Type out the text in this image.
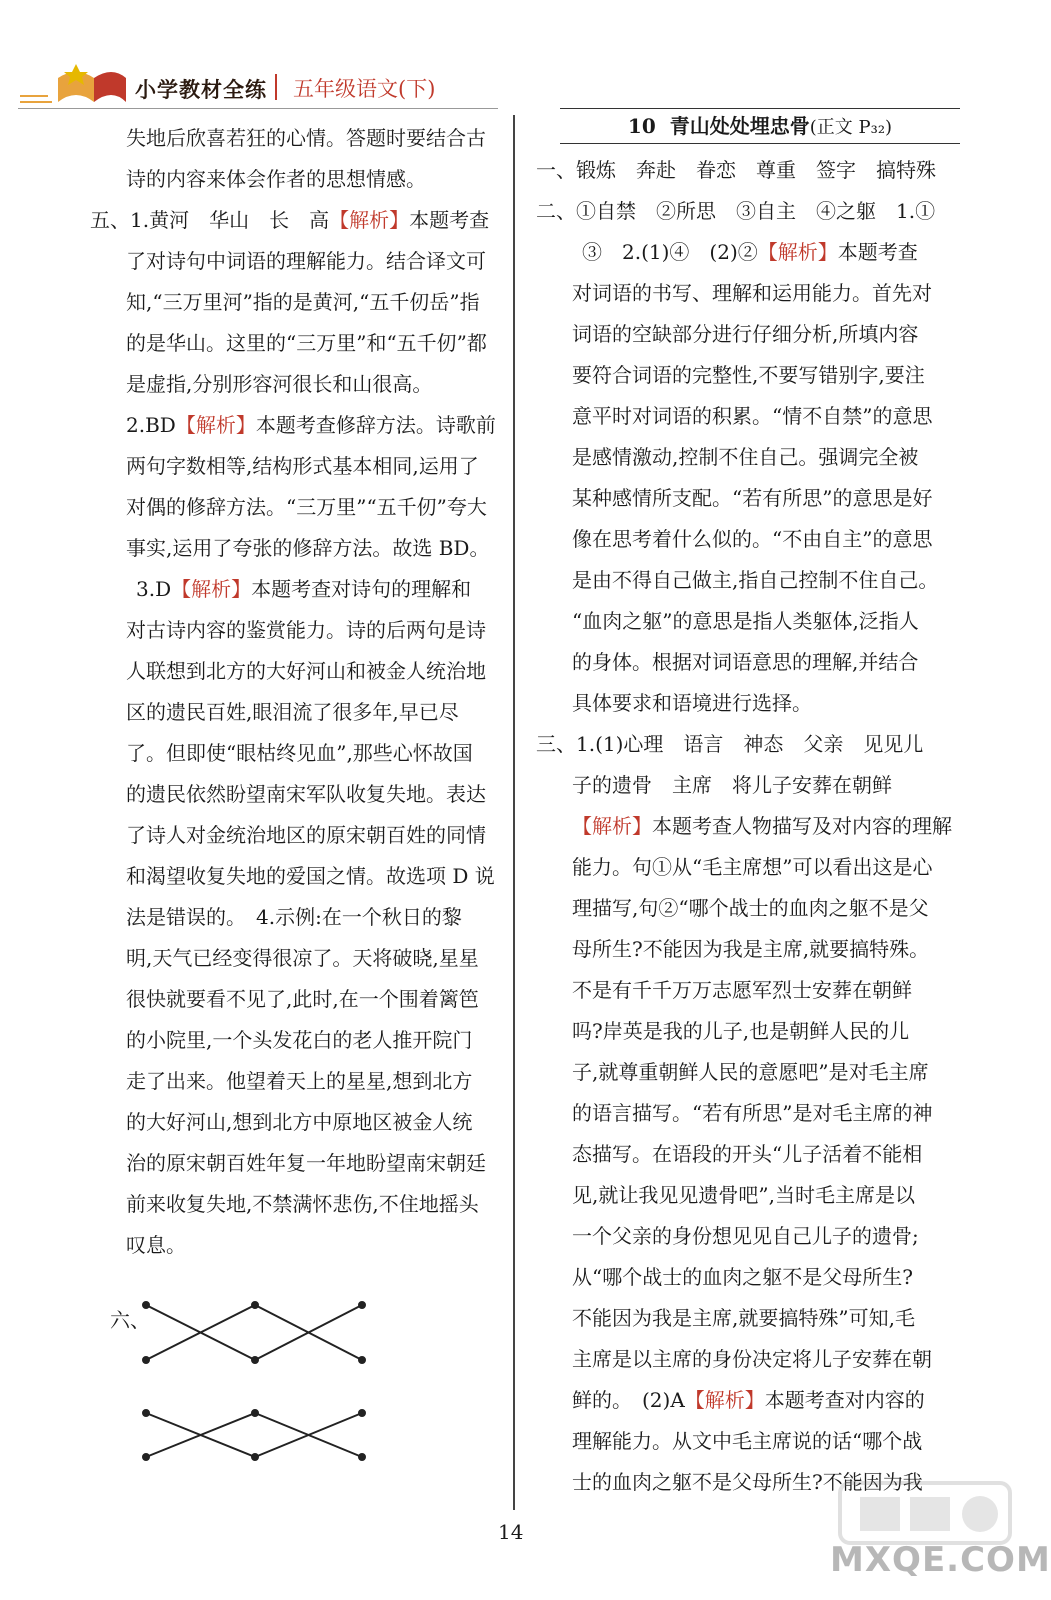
小学教材全练 五年级语文(下)

失地后欣喜若狂的心情。答题时要结合古

诗的内容来体会作者的思想情感。

五、1.黄河　华山　长　高【解析】本题考查

了对诗句中词语的理解能力。结合译文可

知,“三万里河”指的是黄河,“五千仞岳”指

的是华山。这里的“三万里”和“五千仞”都

是虚指,分别形容河很长和山很高。

2.BD【解析】本题考查修辞方法。诗歌前

两句字数相等,结构形式基本相同,运用了

对偶的修辞方法。“三万里”“五千仞”夸大

事实,运用了夸张的修辞方法。故选 BD。

3.D【解析】本题考查对诗句的理解和

对古诗内容的鉴赏能力。诗的后两句是诗

人联想到北方的大好河山和被金人统治地

区的遗民百姓,眼泪流了很多年,早已尽

了。但即使“眼枯终见血”,那些心怀故国

的遗民依然盼望南宋军队收复失地。表达

了诗人对金统治地区的原宋朝百姓的同情

和渴望收复失地的爱国之情。故选项 D 说

法是错误的。　4.示例:在一个秋日的黎

明,天气已经变得很凉了。天将破晓,星星

很快就要看不见了,此时,在一个围着篱笆

的小院里,一个头发花白的老人推开院门

走了出来。他望着天上的星星,想到北方

的大好河山,想到北方中原地区被金人统

治的原宋朝百姓年复一年地盼望南宋朝廷

前来收复失地,不禁满怀悲伤,不住地摇头

叹息。

六、
10 青山处处埋忠骨(正文 P₃₂)

一、锻炼　奔赴　眷恋　尊重　签字　搞特殊

二、①自禁　②所思　③自主　④之躯　1.①

③　2.(1)④　(2)②【解析】本题考查

对词语的书写、理解和运用能力。首先对

词语的空缺部分进行仔细分析,所填内容

要符合词语的完整性,不要写错别字,要注

意平时对词语的积累。“情不自禁”的意思

是感情激动,控制不住自己。强调完全被

某种感情所支配。“若有所思”的意思是好

像在思考着什么似的。“不由自主”的意思

是由不得自己做主,指自己控制不住自己。

“血肉之躯”的意思是指人类躯体,泛指人

的身体。根据对词语意思的理解,并结合

具体要求和语境进行选择。

三、1.(1)心理　语言　神态　父亲　见见儿

子的遗骨　主席　将儿子安葬在朝鲜

【解析】本题考查人物描写及对内容的理解

能力。句①从“毛主席想”可以看出这是心

理描写,句②“哪个战士的血肉之躯不是父

母所生?不能因为我是主席,就要搞特殊。

不是有千千万万志愿军烈士安葬在朝鲜

吗?岸英是我的儿子,也是朝鲜人民的儿

子,就尊重朝鲜人民的意愿吧”是对毛主席

的语言描写。“若有所思”是对毛主席的神

态描写。在语段的开头“儿子活着不能相

见,就让我见见遗骨吧”,当时毛主席是以

一个父亲的身份想见见自己儿子的遗骨;

从“哪个战士的血肉之躯不是父母所生?

不能因为我是主席,就要搞特殊”可知,毛

主席是以主席的身份决定将儿子安葬在朝

鲜的。　(2)A【解析】本题考查对内容的

理解能力。从文中毛主席说的话“哪个战

士的血肉之躯不是父母所生?不能因为我

14
MXQE.COM
